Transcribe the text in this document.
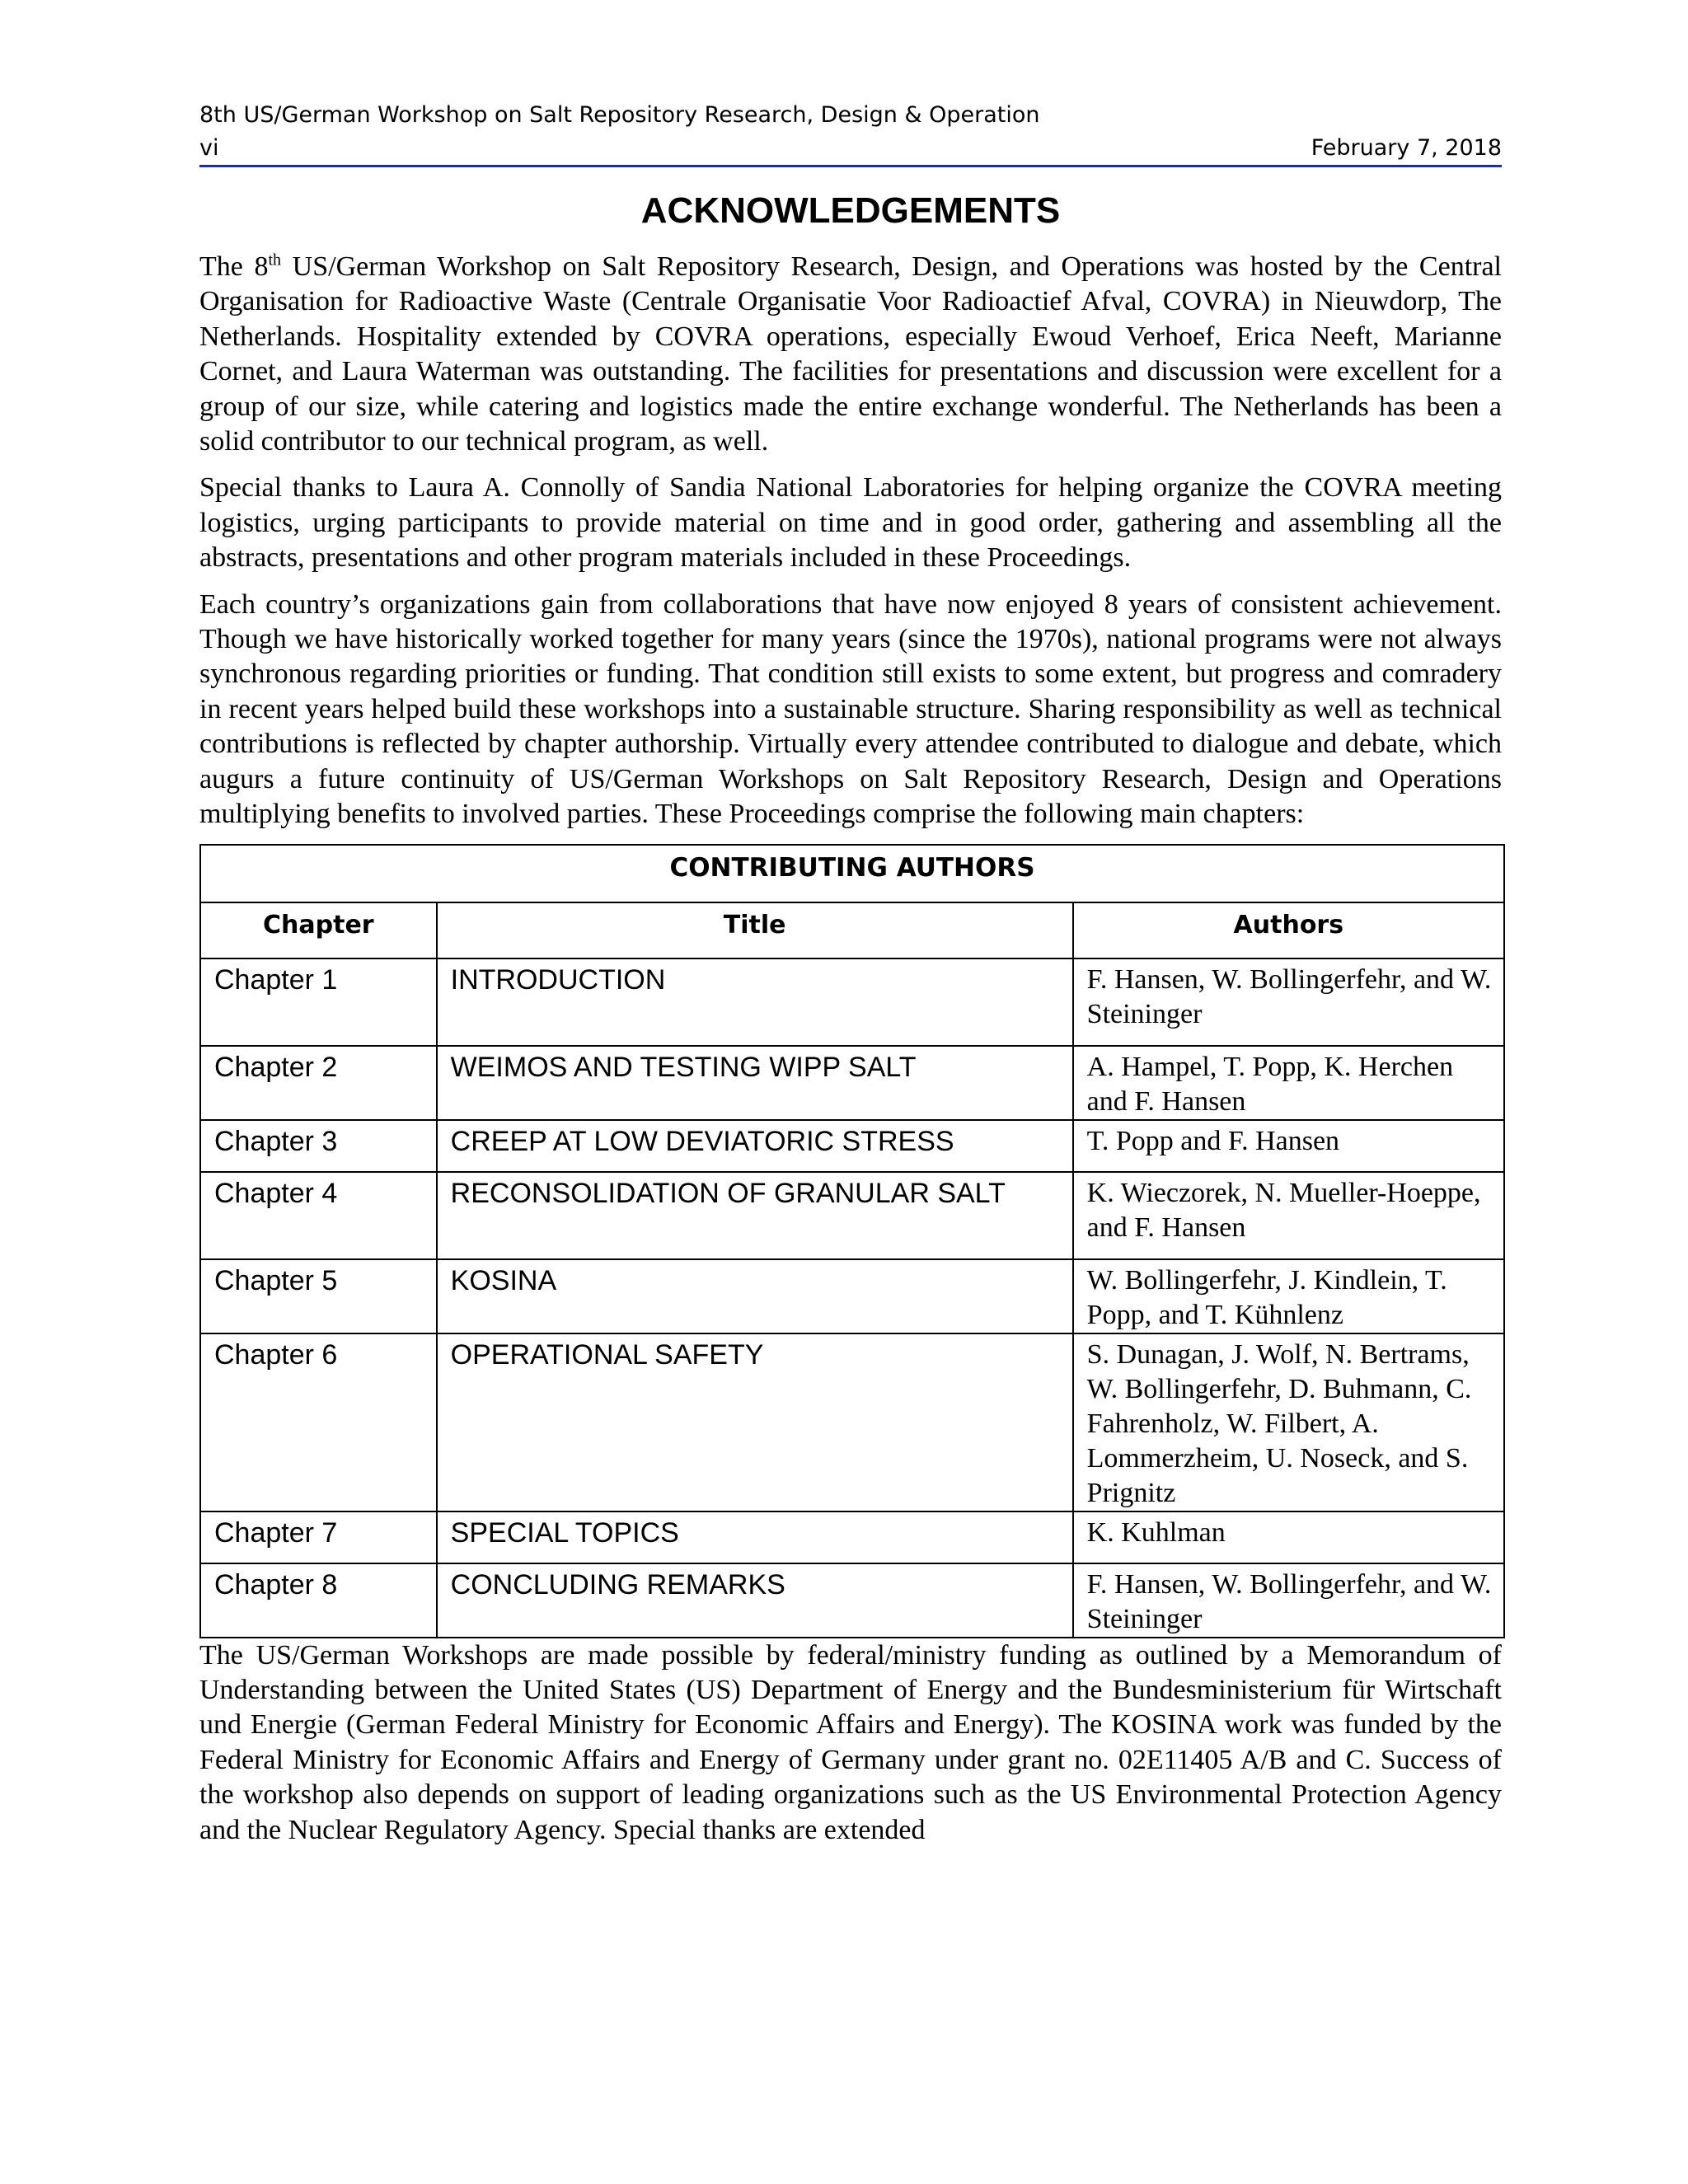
8th US/German Workshop on Salt Repository Research, Design & Operation
vi	February 7, 2018
ACKNOWLEDGEMENTS

The 8th US/German Workshop on Salt Repository Research, Design, and Operations was hosted by the Central Organisation for Radioactive Waste (Centrale Organisatie Voor Radioactief Afval, COVRA) in Nieuwdorp, The Netherlands. Hospitality extended by COVRA operations, especially Ewoud Verhoef, Erica Neeft, Marianne Cornet, and Laura Waterman was outstanding. The facilities for presentations and discussion were excellent for a group of our size, while catering and logistics made the entire exchange wonderful. The Netherlands has been a solid contributor to our technical program, as well.

Special thanks to Laura A. Connolly of Sandia National Laboratories for helping organize the COVRA meeting logistics, urging participants to provide material on time and in good order, gathering and assembling all the abstracts, presentations and other program materials included in these Proceedings.

Each country’s organizations gain from collaborations that have now enjoyed 8 years of consistent achievement. Though we have historically worked together for many years (since the 1970s), national programs were not always synchronous regarding priorities or funding. That condition still exists to some extent, but progress and comradery in recent years helped build these workshops into a sustainable structure. Sharing responsibility as well as technical contributions is reflected by chapter authorship. Virtually every attendee contributed to dialogue and debate, which augurs a future continuity of US/German Workshops on Salt Repository Research, Design and Operations multiplying benefits to involved parties. These Proceedings comprise the following main chapters:

CONTRIBUTING AUTHORS		
Chapter	Title	Authors
Chapter 1	INTRODUCTION	F. Hansen, W. Bollingerfehr, and W. Steininger
Chapter 2	WEIMOS AND TESTING WIPP SALT	A. Hampel, T. Popp, K. Herchen and F. Hansen
Chapter 3	CREEP AT LOW DEVIATORIC STRESS	T. Popp and F. Hansen
Chapter 4	RECONSOLIDATION OF GRANULAR SALT	K. Wieczorek, N. Mueller-Hoeppe, and F. Hansen
Chapter 5	KOSINA	W. Bollingerfehr, J. Kindlein, T. Popp, and T. Kühnlenz
Chapter 6	OPERATIONAL SAFETY	S. Dunagan, J. Wolf, N. Bertrams, W. Bollingerfehr, D. Buhmann, C. Fahrenholz, W. Filbert, A. Lommerzheim, U. Noseck, and S. Prignitz
Chapter 7	SPECIAL TOPICS	K. Kuhlman
Chapter 8	CONCLUDING REMARKS	F. Hansen, W. Bollingerfehr, and W. Steininger

The US/German Workshops are made possible by federal/ministry funding as outlined by a Memorandum of Understanding between the United States (US) Department of Energy and the Bundesministerium für Wirtschaft und Energie (German Federal Ministry for Economic Affairs and Energy). The KOSINA work was funded by the Federal Ministry for Economic Affairs and Energy of Germany under grant no. 02E11405 A/B and C. Success of the workshop also depends on support of leading organizations such as the US Environmental Protection Agency and the Nuclear Regulatory Agency. Special thanks are extended
